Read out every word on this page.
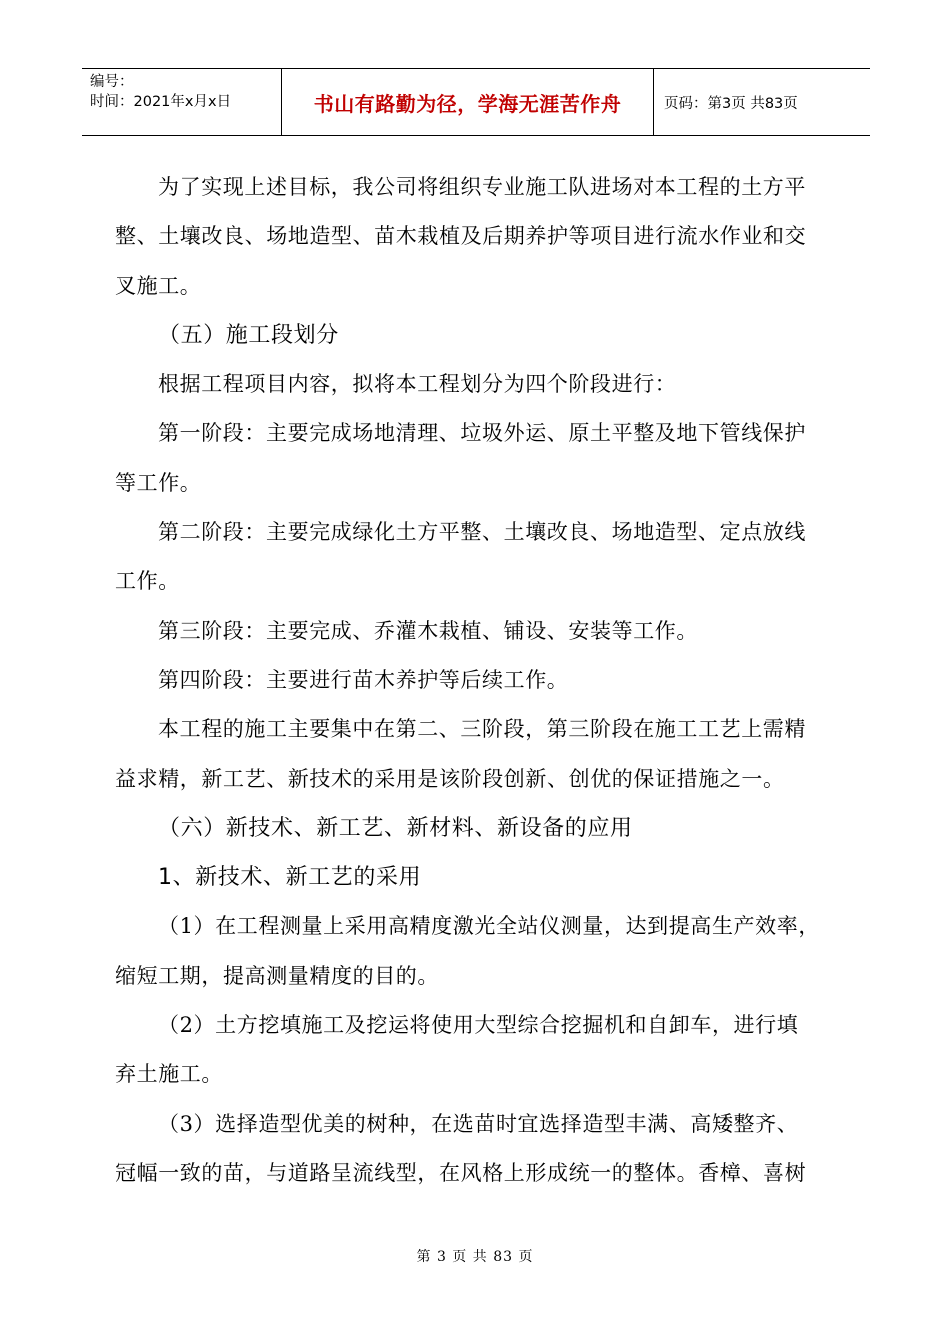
编号：
时间：2021年x月x日	书山有路勤为径，学海无涯苦作舟	页码：第3页 共83页
为了实现上述目标，我公司将组织专业施工队进场对本工程的土方平
整、土壤改良、场地造型、苗木栽植及后期养护等项目进行流水作业和交
叉施工。
（五）施工段划分
根据工程项目内容，拟将本工程划分为四个阶段进行：
第一阶段：主要完成场地清理、垃圾外运、原土平整及地下管线保护
等工作。
第二阶段：主要完成绿化土方平整、土壤改良、场地造型、定点放线
工作。
第三阶段：主要完成、乔灌木栽植、铺设、安装等工作。
第四阶段：主要进行苗木养护等后续工作。
本工程的施工主要集中在第二、三阶段，第三阶段在施工工艺上需精
益求精，新工艺、新技术的采用是该阶段创新、创优的保证措施之一。
（六）新技术、新工艺、新材料、新设备的应用
1、新技术、新工艺的采用
（1）在工程测量上采用高精度激光全站仪测量，达到提高生产效率，
缩短工期，提高测量精度的目的。
（2）土方挖填施工及挖运将使用大型综合挖掘机和自卸车，进行填
弃土施工。
（3）选择造型优美的树种，在选苗时宜选择造型丰满、高矮整齐、
冠幅一致的苗，与道路呈流线型，在风格上形成统一的整体。香樟、喜树
第 3 页 共 83 页
